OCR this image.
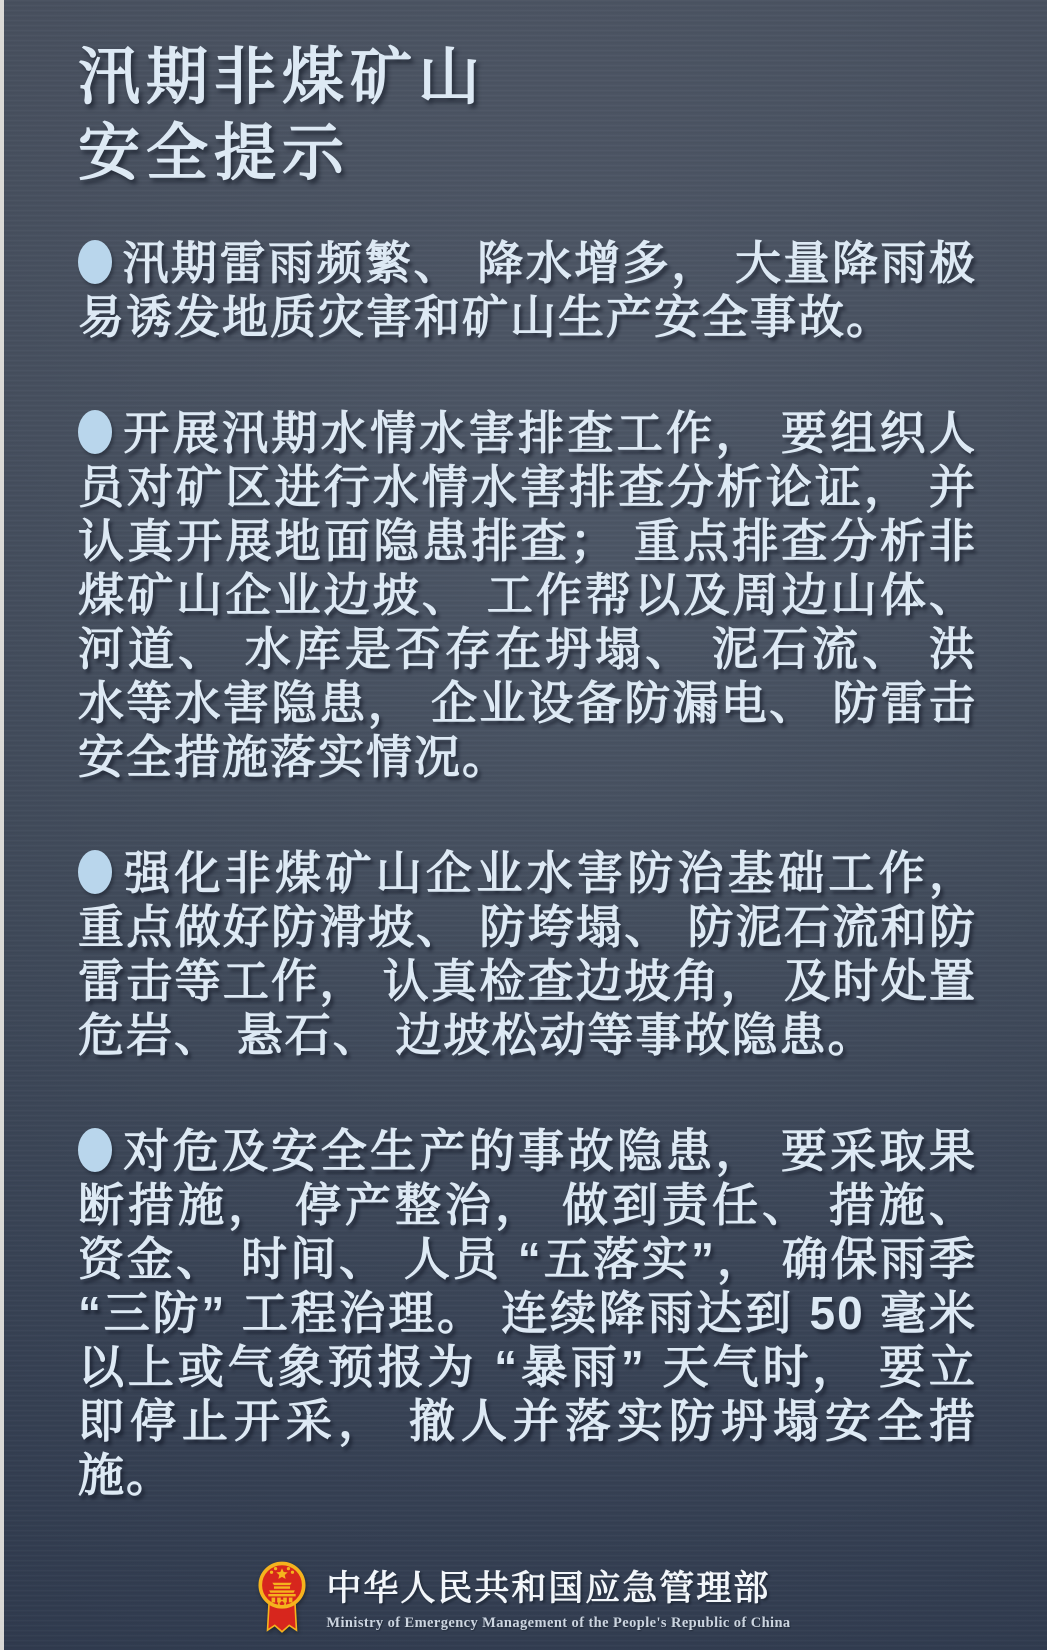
汛期非煤矿山
安全提示

汛期雷雨频繁、 降水增多， 大量降雨极易诱发地质灾害和矿山生产安全事故。

开展汛期水情水害排查工作， 要组织人员对矿区进行水情水害排查分析论证， 并认真开展地面隐患排查； 重点排查分析非煤矿山企业边坡、 工作帮以及周边山体、 河道、 水库是否存在坍塌、 泥石流、 洪水等水害隐患， 企业设备防漏电、 防雷击安全措施落实情况。

强化非煤矿山企业水害防治基础工作， 重点做好防滑坡、 防垮塌、 防泥石流和防雷击等工作， 认真检查边坡角， 及时处置危岩、 悬石、 边坡松动等事故隐患。

对危及安全生产的事故隐患， 要采取果断措施， 停产整治， 做到责任、 措施、 资金、 时间、 人员 “五落实”， 确保雨季 “三防” 工程治理。 连续降雨达到 50 毫米以上或气象预报为 “暴雨” 天气时， 要立即停止开采， 撤人并落实防坍塌安全措施。

中华人民共和国应急管理部
Ministry of Emergency Management of the People's Republic of China
